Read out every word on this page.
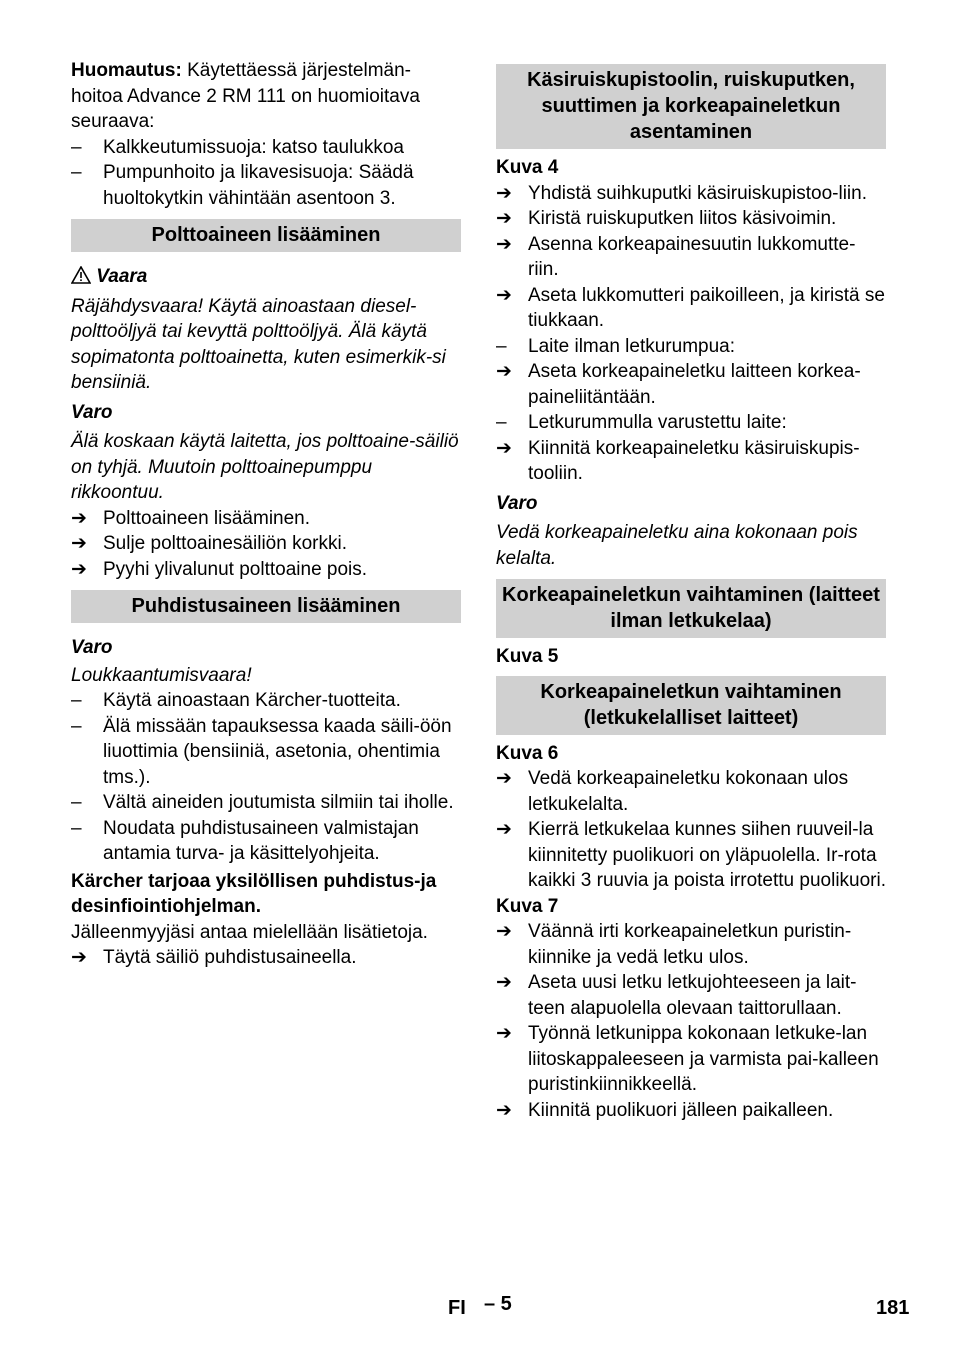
Huomautus: Käytettäessä järjestelmän-hoitoa Advance 2 RM 111 on huomioitava seuraava:

–	Kalkkeutumissuoja: katso taulukkoa
–	Pumpunhoito ja likavesisuoja: Säädä huoltokytkin vähintään asentoon 3.
Polttoaineen lisääminen

Vaara

Räjähdysvaara! Käytä ainoastaan diesel-polttoöljyä tai kevyttä polttoöljyä. Älä käytä sopimatonta polttoainetta, kuten esimerkik-si bensiiniä.

Varo

Älä koskaan käytä laitetta, jos polttoaine-säiliö on tyhjä. Muutoin polttoainepumppu rikkoontuu.

➔ Polttoaineen lisääminen.
➔ Sulje polttoainesäiliön korkki.
➔ Pyyhi ylivalunut polttoaine pois.
Puhdistusaineen lisääminen

Varo

Loukkaantumisvaara!

–	Käytä ainoastaan Kärcher-tuotteita.
–	Älä missään tapauksessa kaada säili-öön liuottimia (bensiiniä, asetonia, ohentimia tms.).
–	Vältä aineiden joutumista silmiin tai iholle.
–	Noudata puhdistusaineen valmistajan antamia turva- ja käsittelyohjeita.

Kärcher tarjoaa yksilöllisen puhdistus-ja desinfiointiohjelman.

Jälleenmyyjäsi antaa mielellään lisätietoja.

➔ Täytä säiliö puhdistusaineella.
Käsiruiskupistoolin, ruiskuputken, suuttimen ja korkeapaineletkun asentaminen

Kuva 4

➔ Yhdistä suihkuputki käsiruiskupistoo-liin.
➔ Kiristä ruiskuputken liitos käsivoimin.
➔ Asenna korkeapainesuutin lukkomutte-riin.
➔ Aseta lukkomutteri paikoilleen, ja kiristä se tiukkaan.
–	Laite ilman letkurumpua:
➔ Aseta korkeapaineletku laitteen korkea-paineliitäntään.
–	Letkurummulla varustettu laite:
➔ Kiinnitä korkeapaineletku käsiruiskupis-tooliin.

Varo

Vedä korkeapaineletku aina kokonaan pois kelalta.

Korkeapaineletkun vaihtaminen (laitteet ilman letkukelaa)

Kuva 5

Korkeapaineletkun vaihtaminen (letkukelalliset laitteet)

Kuva 6

➔ Vedä korkeapaineletku kokonaan ulos letkukelalta.
➔ Kierrä letkukelaa kunnes siihen ruuveil-la kiinnitetty puolikuori on yläpuolella. Ir-rota kaikki 3 ruuvia ja poista irrotettu puolikuori.

Kuva 7

➔ Väännä irti korkeapaineletkun puristin-kiinnike ja vedä letku ulos.
➔ Aseta uusi letku letkujohteeseen ja lait-teen alapuolella olevaan taittorullaan.
➔ Työnnä letkunippa kokonaan letkuke-lan liitoskappaleeseen ja varmista pai-kalleen puristinkiinnikkeellä.
➔ Kiinnitä puolikuori jälleen paikalleen.
FI – 5	181
